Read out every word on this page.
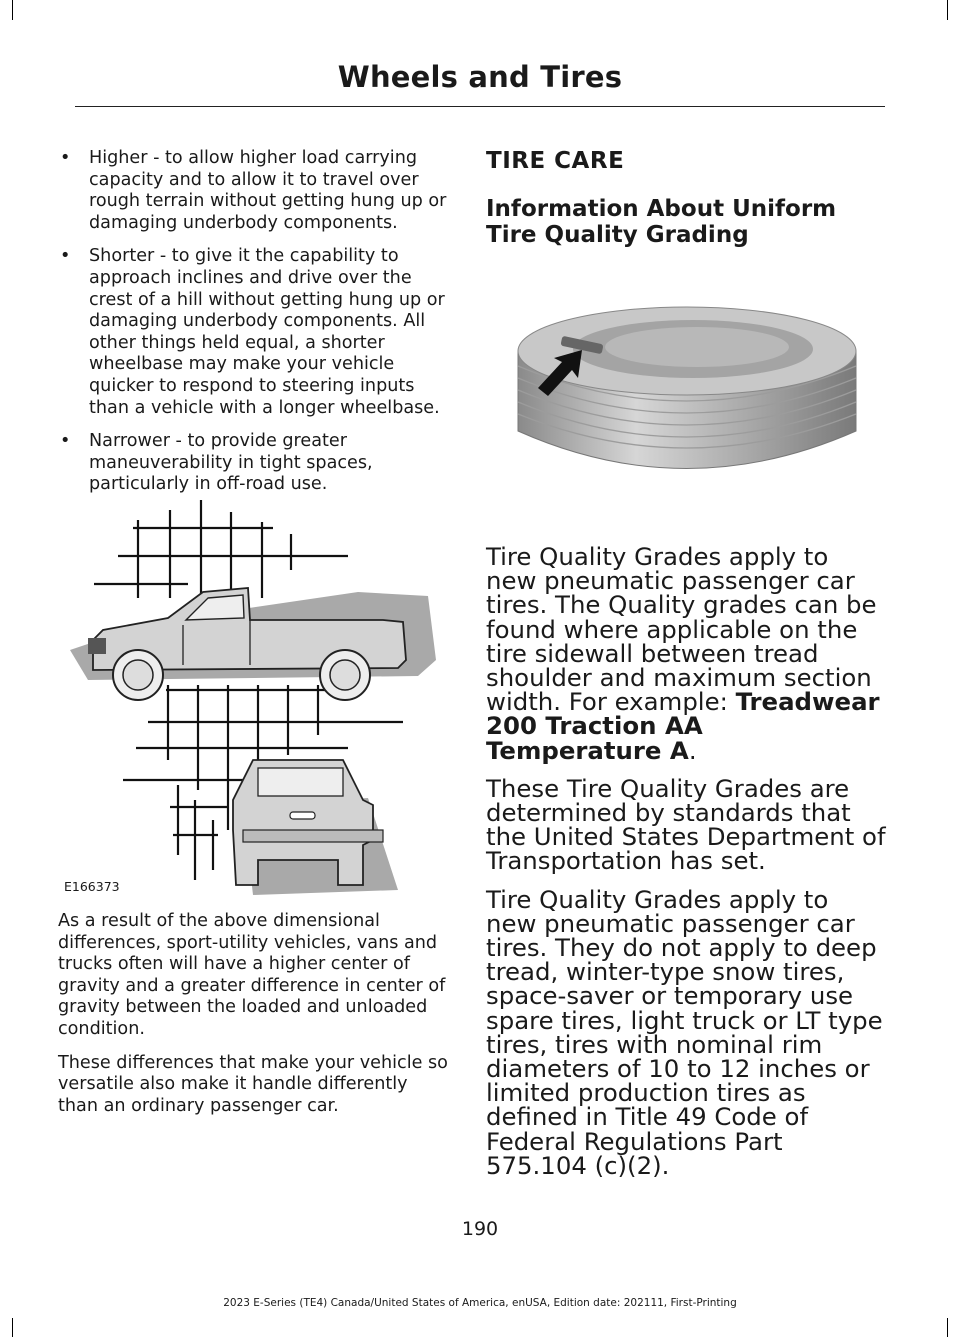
Wheels and Tires
• Higher - to allow higher load carrying capacity and to allow it to travel over rough terrain without getting hung up or damaging underbody components.
• Shorter - to give it the capability to approach inclines and drive over the crest of a hill without getting hung up or damaging underbody components. All other things held equal, a shorter wheelbase may make your vehicle quicker to respond to steering inputs than a vehicle with a longer wheelbase.
• Narrower - to provide greater maneuverability in tight spaces, particularly in off-road use.
E166373

As a result of the above dimensional differences, sport-utility vehicles, vans and trucks often will have a higher center of gravity and a greater difference in center of gravity between the loaded and unloaded condition.

These differences that make your vehicle so versatile also make it handle differently than an ordinary passenger car.

TIRE CARE
Information About Uniform Tire Quality Grading

Tire Quality Grades apply to new pneumatic passenger car tires. The Quality grades can be found where applicable on the tire sidewall between tread shoulder and maximum section width. For example: Treadwear 200 Traction AA Temperature A.

These Tire Quality Grades are determined by standards that the United States Department of Transportation has set.

Tire Quality Grades apply to new pneumatic passenger car tires. They do not apply to deep tread, winter-type snow tires, space-saver or temporary use spare tires, light truck or LT type tires, tires with nominal rim diameters of 10 to 12 inches or limited production tires as defined in Title 49 Code of Federal Regulations Part 575.104 (c)(2).

190
2023 E-Series (TE4) Canada/United States of America, enUSA, Edition date: 202111, First-Printing
